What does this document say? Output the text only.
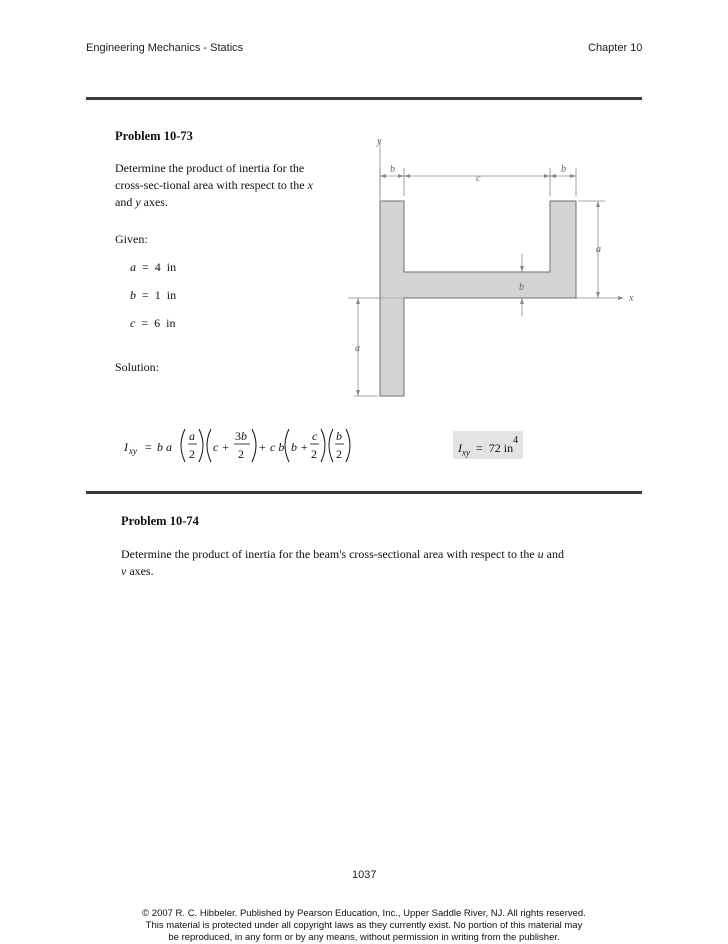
Engineering Mechanics - Statics	Chapter 10
Problem 10-73
Determine the product of inertia for the
cross-sec-tional area with respect to the x
and y axes.
Given:
a = 4 in
b = 1 in
c = 6 in
Solution:
I xy = b a
a
2 c +
3b
2 + c b b +
c
2
b
2	$I_{xy} = 72$ $in^4$
y
x
b
c
b
a
b
a
Problem 10-74
Determine the product of inertia for the beam's cross-sectional area with respect to the u and
v axes.
1037
© 2007 R. C. Hibbeler. Published by Pearson Education, Inc., Upper Saddle River, NJ. All rights reserved.
This material is protected under all copyright laws as they currently exist. No portion of this material may
be reproduced, in any form or by any means, without permission in writing from the publisher.
